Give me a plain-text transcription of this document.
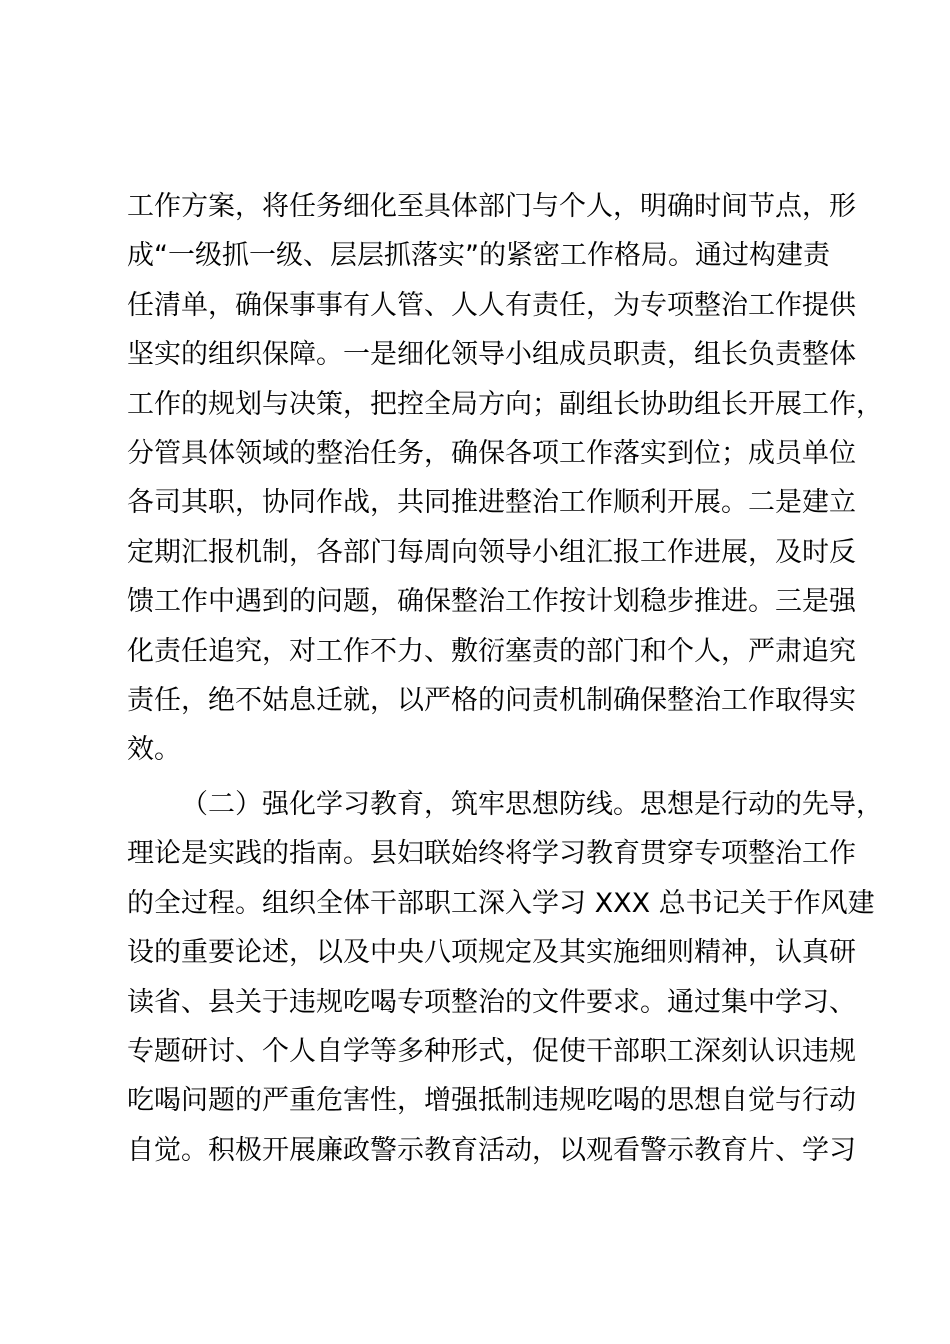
工作方案，将任务细化至具体部门与个人，明确时间节点，形
成“一级抓一级、层层抓落实”的紧密工作格局。通过构建责
任清单，确保事事有人管、人人有责任，为专项整治工作提供
坚实的组织保障。一是细化领导小组成员职责，组长负责整体
工作的规划与决策，把控全局方向；副组长协助组长开展工作，
分管具体领域的整治任务，确保各项工作落实到位；成员单位
各司其职，协同作战，共同推进整治工作顺利开展。二是建立
定期汇报机制，各部门每周向领导小组汇报工作进展，及时反
馈工作中遇到的问题，确保整治工作按计划稳步推进。三是强
化责任追究，对工作不力、敷衍塞责的部门和个人，严肃追究
责任，绝不姑息迁就，以严格的问责机制确保整治工作取得实
效。
（二）强化学习教育，筑牢思想防线。思想是行动的先导，
理论是实践的指南。县妇联始终将学习教育贯穿专项整治工作
的全过程。组织全体干部职工深入学习 XXX 总书记关于作风建
设的重要论述，以及中央八项规定及其实施细则精神，认真研
读省、县关于违规吃喝专项整治的文件要求。通过集中学习、
专题研讨、个人自学等多种形式，促使干部职工深刻认识违规
吃喝问题的严重危害性，增强抵制违规吃喝的思想自觉与行动
自觉。积极开展廉政警示教育活动，以观看警示教育片、学习
